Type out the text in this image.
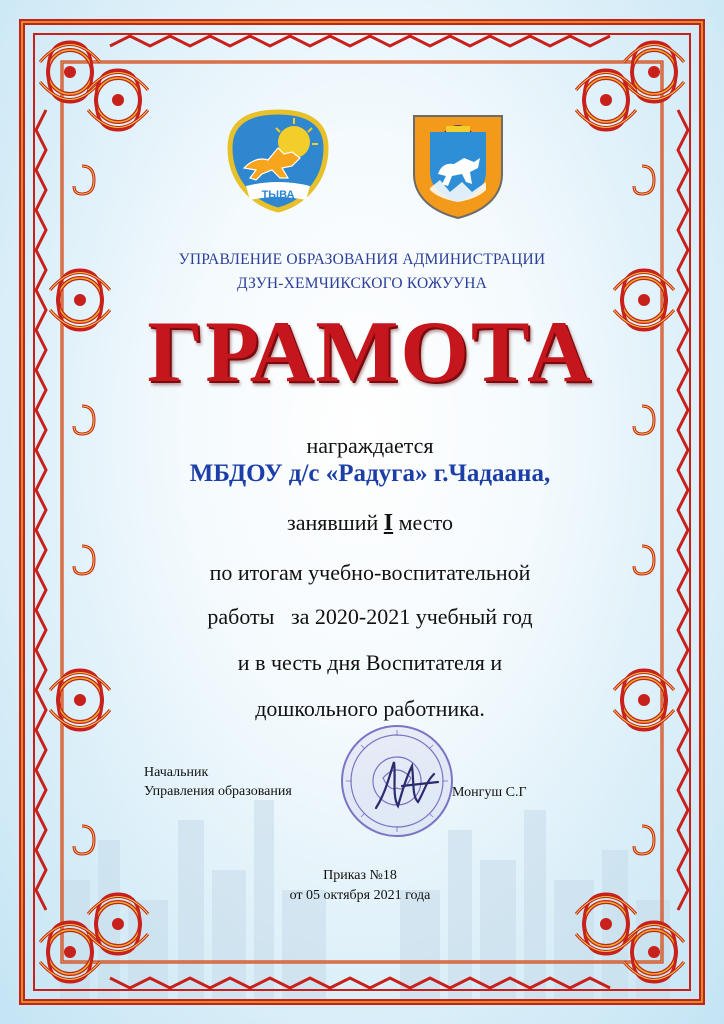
ТЫВА
УПРАВЛЕНИЕ ОБРАЗОВАНИЯ АДМИНИСТРАЦИИ
ДЗУН-ХЕМЧИКСКОГО КОЖУУНА
ГРАМОТА
награждается
МБДОУ д/с «Радуга» г.Чадаана,
занявший I место
по итогам учебно-воспитательной
работы   за 2020-2021 учебный год
и в честь дня Воспитателя и
дошкольного работника.
Начальник
Управления образования	Монгуш С.Г
Приказ №18
от 05 октября 2021 года
